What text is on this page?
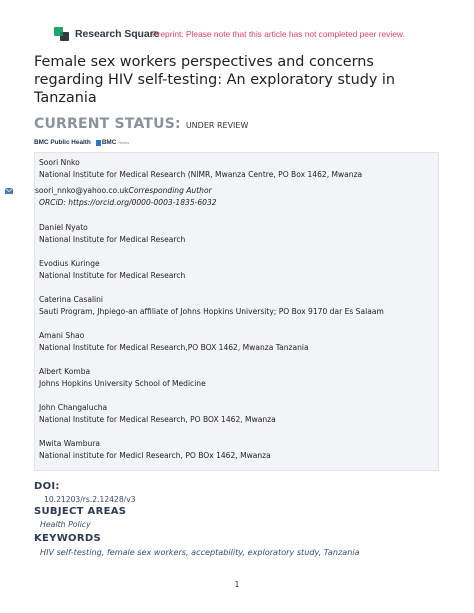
Research Square
Preprint: Please note that this article has not completed peer review.
Female sex workers perspectives and concerns regarding HIV self-testing: An exploratory study in Tanzania
CURRENT STATUS: UNDER REVIEW
BMC Public Health BMC Series
Soori Nnko
National Institute for Medical Research (NIMR, Mwanza Centre, PO Box 1462, Mwanza
soori_nnko@yahoo.co.uk Corresponding Author
ORCiD: https://orcid.org/0000-0003-1835-6032
Daniel Nyato
National Institute for Medical Research
Evodius Kuringe
National Institute for Medical Research
Caterina Casalini
Sauti Program, Jhpiego-an affiliate of Johns Hopkins University; PO Box 9170 dar Es Salaam
Amani Shao
National Institute for Medical Research,PO BOX 1462, Mwanza Tanzania
Albert Komba
Johns Hopkins University School of Medicine
John Changalucha
National Institute for Medical Research, PO BOX 1462, Mwanza
Mwita Wambura
National institute for Medicl Research, PO BOx 1462, Mwanza
DOI:
10.21203/rs.2.12428/v3
SUBJECT AREAS
Health Policy
KEYWORDS
HIV self-testing, female sex workers, acceptability, exploratory study, Tanzania
1
